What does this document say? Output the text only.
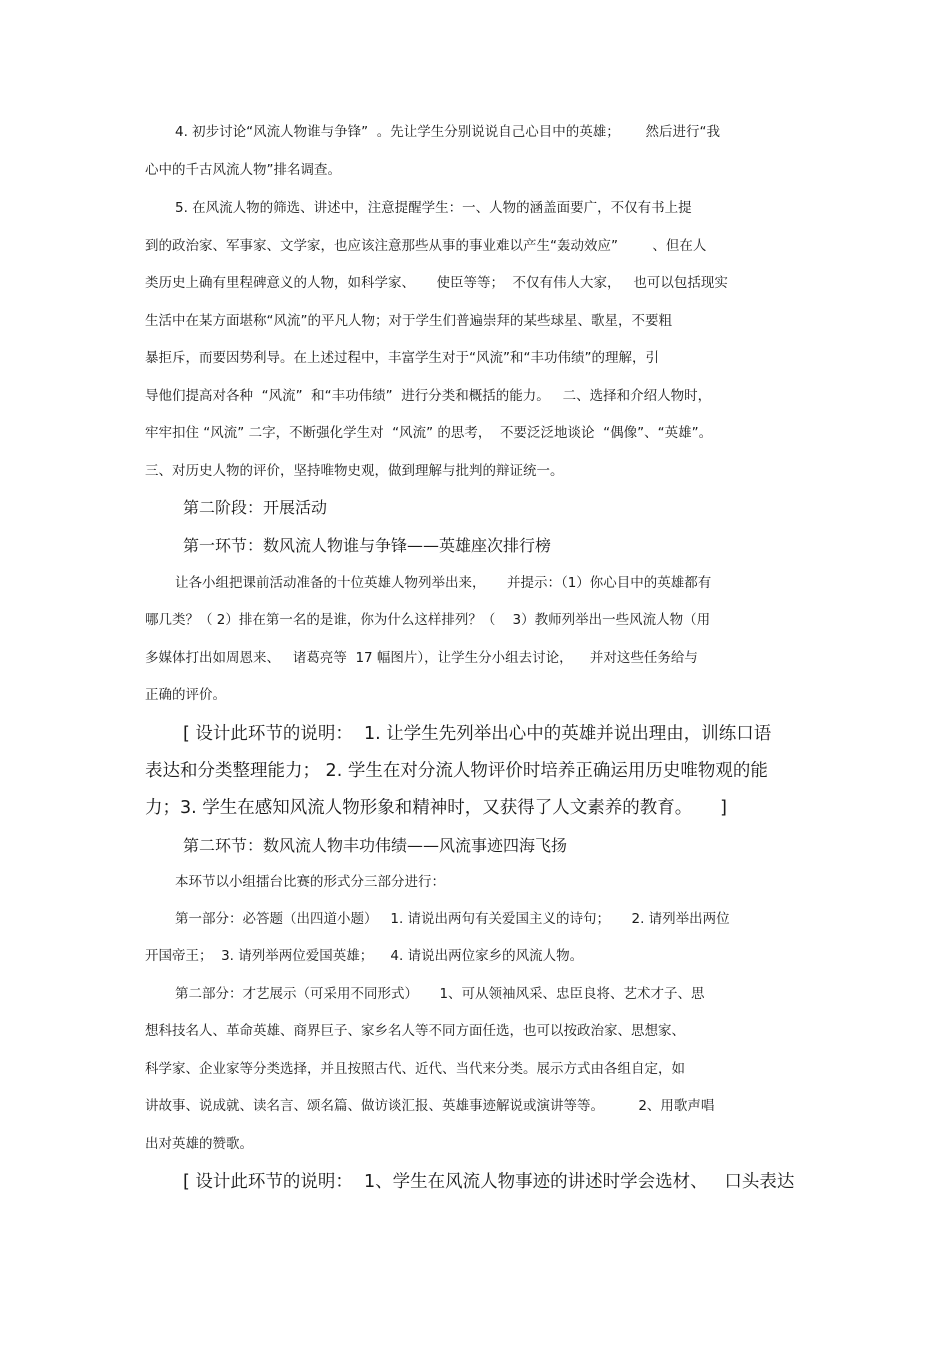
4. 初步讨论“风流人物谁与争锋”  。先让学生分别说说自己心目中的英雄；      然后进行“我
心中的千古风流人物”排名调查。
5. 在风流人物的筛选、讲述中，注意提醒学生：一、人物的涵盖面要广，不仅有书上提
到的政治家、军事家、文学家，也应该注意那些从事的事业难以产生“轰动效应”        、但在人
类历史上确有里程碑意义的人物，如科学家、     使臣等等；  不仅有伟人大家，   也可以包括现实
生活中在某方面堪称“风流”的平凡人物；对于学生们普遍崇拜的某些球星、歌星，不要粗
暴拒斥，而要因势利导。在上述过程中，丰富学生对于“风流”和“丰功伟绩”的理解，引
导他们提高对各种  “风流”  和“丰功伟绩”  进行分类和概括的能力。   二、选择和介绍人物时，
牢牢扣住 “风流” 二字，不断强化学生对  “风流” 的思考，  不要泛泛地谈论  “偶像”、“英雄”。
三、对历史人物的评价，坚持唯物史观，做到理解与批判的辩证统一。
第二阶段：开展活动
第一环节：数风流人物谁与争锋——英雄座次排行榜
让各小组把课前活动准备的十位英雄人物列举出来，     并提示：（1）你心目中的英雄都有
哪几类？（ 2）排在第一名的是谁，你为什么这样排列？（    3）教师列举出一些风流人物（用
多媒体打出如周恩来、   诸葛亮等  17 幅图片），让学生分小组去讨论，    并对这些任务给与
正确的评价。
[ 设计此环节的说明：  1. 让学生先列举出心中的英雄并说出理由，训练口语
表达和分类整理能力； 2. 学生在对分流人物评价时培养正确运用历史唯物观的能
力；3. 学生在感知风流人物形象和精神时，又获得了人文素养的教育。     ]
第二环节：数风流人物丰功伟绩——风流事迹四海飞扬
本环节以小组擂台比赛的形式分三部分进行：
第一部分：必答题（出四道小题）   1. 请说出两句有关爱国主义的诗句；     2. 请列举出两位
开国帝王；  3. 请列举两位爱国英雄；    4. 请说出两位家乡的风流人物。
第二部分：才艺展示（可采用不同形式）     1、可从领袖风采、忠臣良将、艺术才子、思
想科技名人、革命英雄、商界巨子、家乡名人等不同方面任选，也可以按政治家、思想家、
科学家、企业家等分类选择，并且按照古代、近代、当代来分类。展示方式由各组自定，如
讲故事、说成就、读名言、颂名篇、做访谈汇报、英雄事迹解说或演讲等等。        2、用歌声唱
出对英雄的赞歌。
[ 设计此环节的说明：  1、学生在风流人物事迹的讲述时学会选材、   口头表达
